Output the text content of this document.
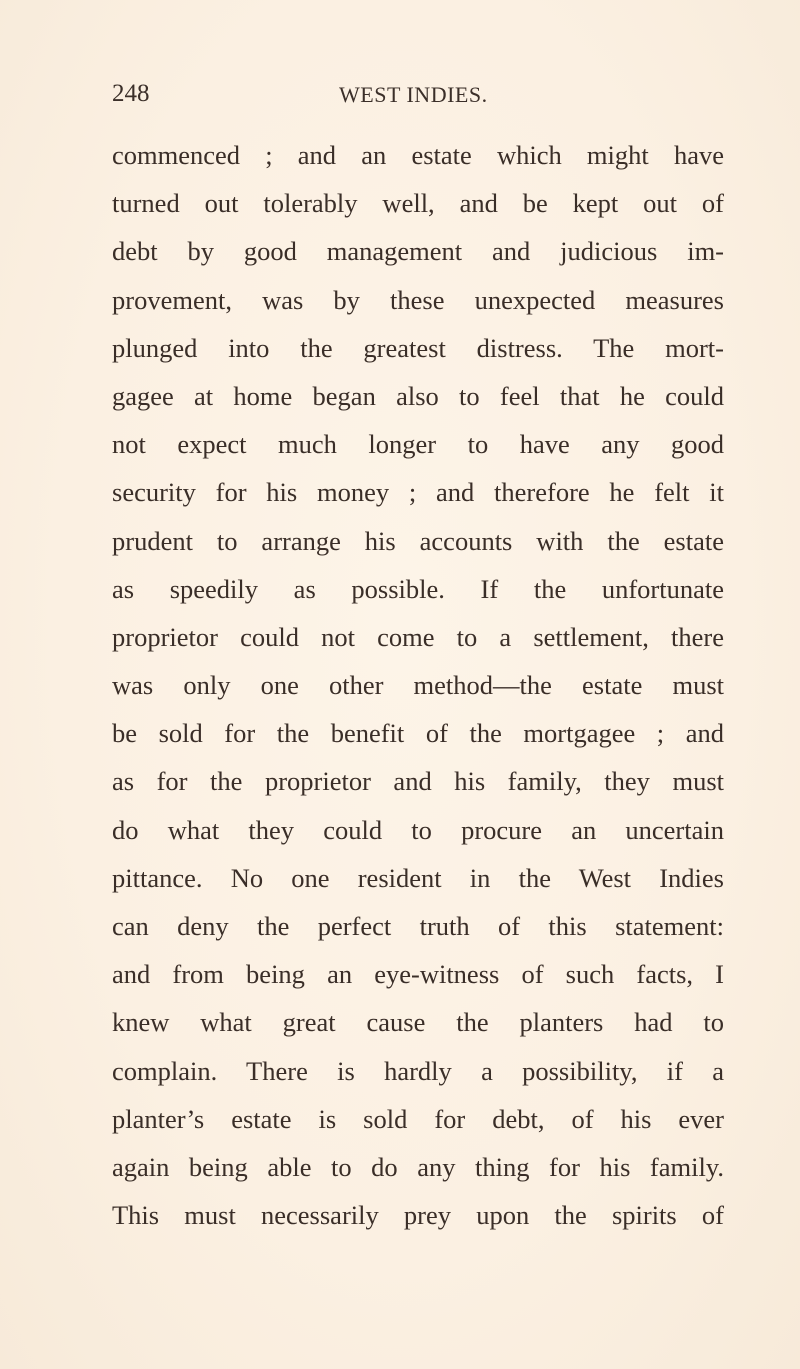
248	WEST INDIES.
commenced ; and an estate which might have
turned out tolerably well, and be kept out of
debt by good management and judicious im-
provement, was by these unexpected measures
plunged into the greatest distress. The mort-
gagee at home began also to feel that he could
not expect much longer to have any good
security for his money ; and therefore he felt it
prudent to arrange his accounts with the estate
as speedily as possible. If the unfortunate
proprietor could not come to a settlement, there
was only one other method—the estate must
be sold for the benefit of the mortgagee ; and
as for the proprietor and his family, they must
do what they could to procure an uncertain
pittance. No one resident in the West Indies
can deny the perfect truth of this statement:
and from being an eye-witness of such facts, I
knew what great cause the planters had to
complain. There is hardly a possibility, if a
planter’s estate is sold for debt, of his ever
again being able to do any thing for his family.
This must necessarily prey upon the spirits of
